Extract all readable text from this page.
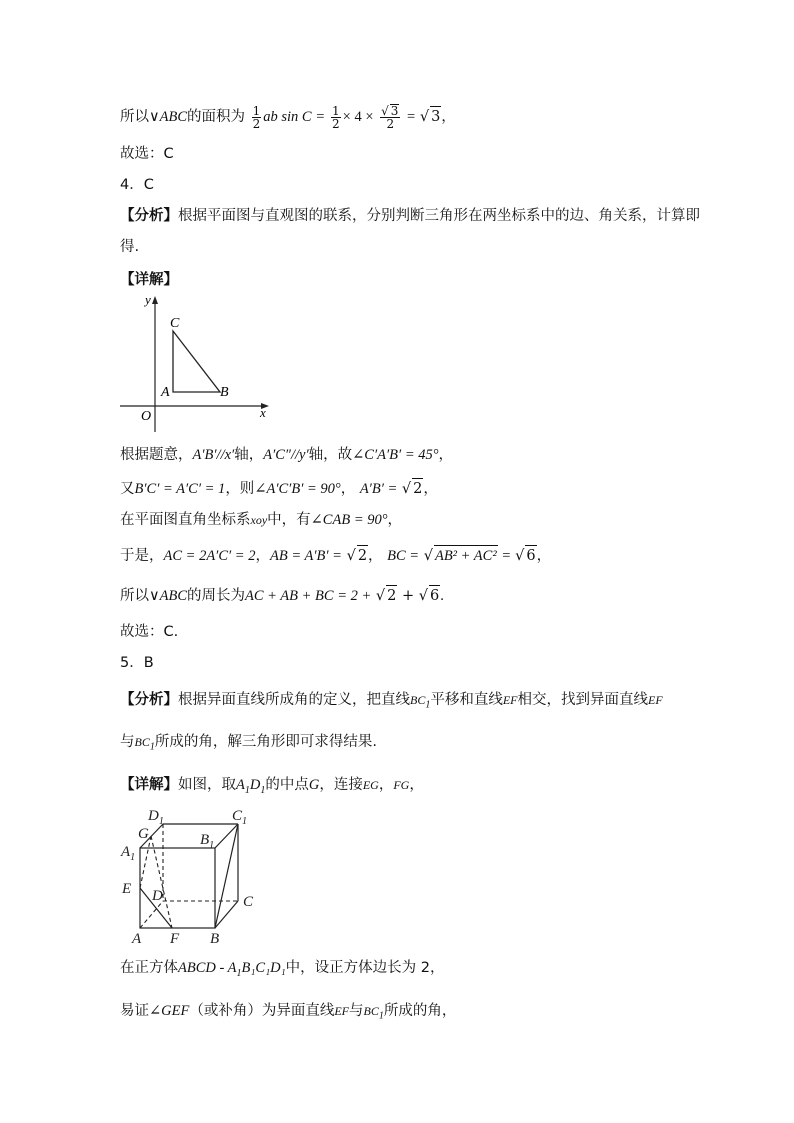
所以∨ABC的面积为 $\frac{1}{2}$ ab $\sin C = \frac{1}{2} \times 4 \times \frac{√ 3}{2}$ = √ 3，
故选：C
4．C
【分析】根据平面图与直观图的联系，分别判断三角形在两坐标系中的边、角关系，计算即
得.
【详解】
y
x
O
A	B
C
根据题意，A′B′//x′轴，A′C″//y′轴，故∠C′A′B′ = 45°，
又B′C′ = A′C′ = 1，则∠A′C′B′ = 90°， A′B′ = √ 2，
在平面图直角坐标系xoy中，有∠CAB = 90°，
于是，AC = 2A′C′ = 2，AB = A′B′ = √ 2， BC = √ AB² + AC² = √ 6，
所以∨ABC的周长为AC + AB + BC = 2 + √ 2 + √ 6.
故选：C.
5．B
【分析】根据异面直线所成角的定义，把直线$BC_1$平移和直线EF相交，找到异面直线EF
与$BC_1$所成的角，解三角形即可求得结果.
【详解】如图，取$A_1D_1$的中点G，连接EG，FG，
$D_1$	$C_1$
G	$B_1$
$A_1$
E D	C
A F B
在正方体ABCD - $A_1B_1C_1D_1$中，设正方体边长为 2，
易证∠GEF（或补角）为异面直线EF与$BC_1$所成的角，
